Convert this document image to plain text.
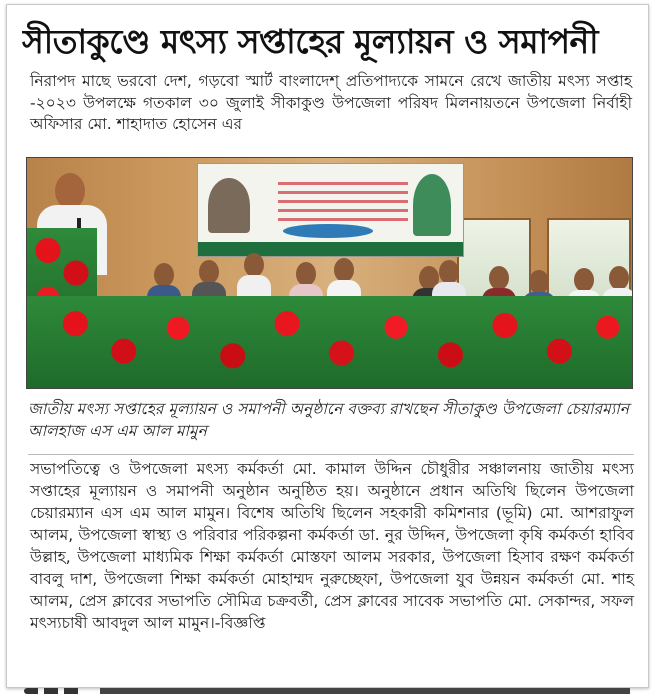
সীতাকুণ্ডে মৎস্য সপ্তাহের মূল্যায়ন ও সমাপনী
নিরাপদ মাছে ভরবো দেশ, গড়বো স্মার্ট বাংলাদেশ্ প্রতিপাদ্যকে সামনে রেখে জাতীয় মৎস্য সপ্তাহ -২০২৩ উপলক্ষে গতকাল ৩০ জুলাই সীকাকুণ্ড উপজেলা পরিষদ মিলনায়তনে উপজেলা নির্বাহী অফিসার মো. শাহাদাত হোসেন এর
জাতীয় মৎস্য সপ্তাহের মূল্যায়ন ও সমাপনী অনুষ্ঠানে বক্তব্য রাখছেন সীতাকুণ্ড উপজেলা চেয়ারম্যান আলহাজ এস এম আল মামুন
সভাপতিত্বে ও উপজেলা মৎস্য কর্মকর্তা মো. কামাল উদ্দিন চৌধুরীর সঞ্চালনায় জাতীয় মৎস্য সপ্তাহের মূল্যায়ন ও সমাপনী অনুষ্ঠান অনুষ্ঠিত হয়। অনুষ্ঠানে প্রধান অতিথি ছিলেন উপজেলা চেয়ারম্যান এস এম আল মামুন। বিশেষ অতিথি ছিলেন সহকারী কমিশনার (ভূমি) মো. আশরাফুল আলম, উপজেলা স্বাস্থ্য ও পরিবার পরিকল্পনা কর্মকর্তা ডা. নুর উদ্দিন, উপজেলা কৃষি কর্মকর্তা হাবিব উল্লাহ, উপজেলা মাধ্যমিক শিক্ষা কর্মকর্তা মোস্তফা আলম সরকার, উপজেলা হিসাব রক্ষণ কর্মকর্তা বাবলু দাশ, উপজেলা শিক্ষা কর্মকর্তা মোহাম্মদ নুরুচ্ছেফা, উপজেলা যুব উন্নয়ন কর্মকর্তা মো. শাহ আলম, প্রেস ক্লাবের সভাপতি সৌমিত্র চক্রবর্তী, প্রেস ক্লাবের সাবেক সভাপতি মো. সেকান্দর, সফল মৎস্যচাষী আবদুল আল মামুন।-বিজ্ঞপ্তি
